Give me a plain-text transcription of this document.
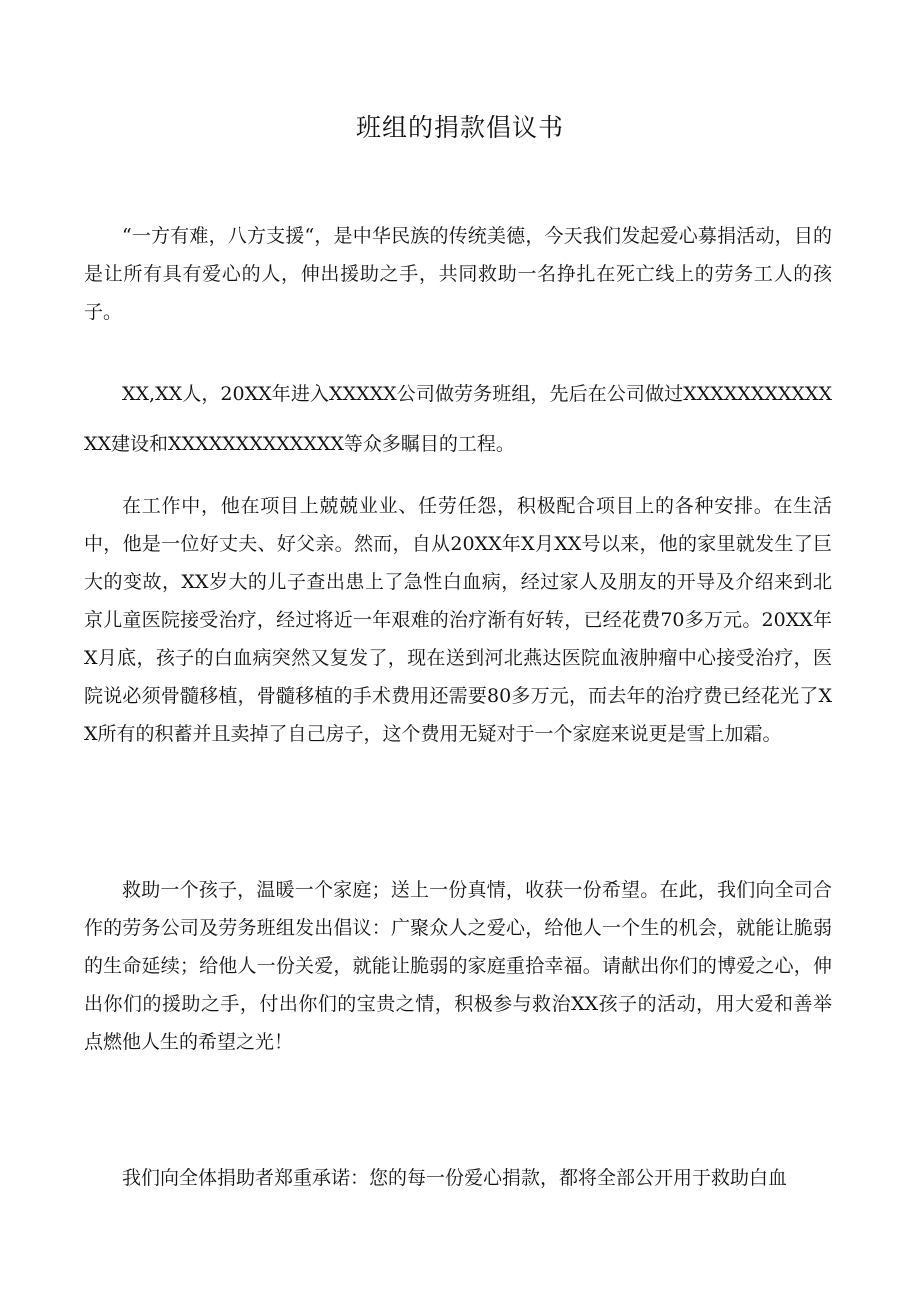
班组的捐款倡议书

“一方有难，八方支援“，是中华民族的传统美德，今天我们发起爱心募捐活动，目的是让所有具有爱心的人，伸出援助之手，共同救助一名挣扎在死亡线上的劳务工人的孩子。

XX,XX人，20XX年进入XXXXX公司做劳务班组，先后在公司做过XXXXXXXXXXXXX建设和XXXXXXXXXXXXX等众多瞩目的工程。

在工作中，他在项目上兢兢业业、任劳任怨，积极配合项目上的各种安排。在生活中，他是一位好丈夫、好父亲。然而，自从20XX年X月XX号以来，他的家里就发生了巨大的变故，XX岁大的儿子查出患上了急性白血病，经过家人及朋友的开导及介绍来到北京儿童医院接受治疗，经过将近一年艰难的治疗渐有好转，已经花费70多万元。20XX年X月底，孩子的白血病突然又复发了，现在送到河北燕达医院血液肿瘤中心接受治疗，医院说必须骨髓移植，骨髓移植的手术费用还需要80多万元，而去年的治疗费已经花光了XX所有的积蓄并且卖掉了自己房子，这个费用无疑对于一个家庭来说更是雪上加霜。

救助一个孩子，温暖一个家庭；送上一份真情，收获一份希望。在此，我们向全司合作的劳务公司及劳务班组发出倡议：广聚众人之爱心，给他人一个生的机会，就能让脆弱的生命延续；给他人一份关爱，就能让脆弱的家庭重拾幸福。请献出你们的博爱之心，伸出你们的援助之手，付出你们的宝贵之情，积极参与救治XX孩子的活动，用大爱和善举点燃他人生的希望之光！

我们向全体捐助者郑重承诺：您的每一份爱心捐款，都将全部公开用于救助白血
